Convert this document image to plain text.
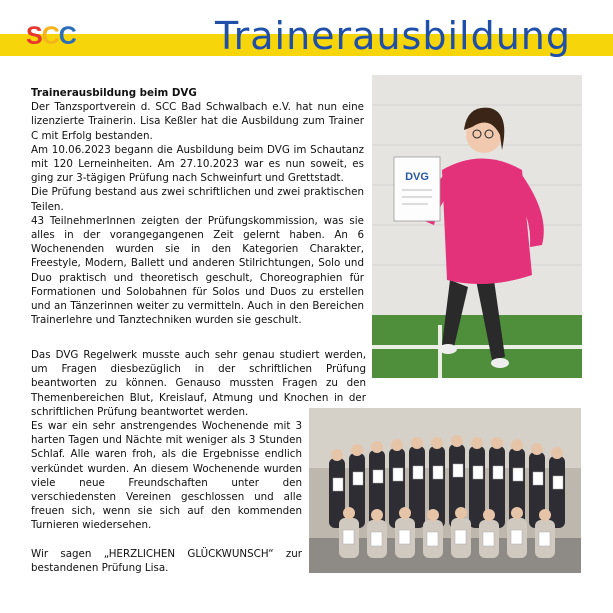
SCC	Trainerausbildung

Trainerausbildung beim DVG

Der Tanzsportverein d. SCC Bad Schwalbach e.V. hat nun eine lizenzierte Trainerin. Lisa Keßler hat die Ausbildung zum Trainer C mit Erfolg bestanden.

Am 10.06.2023 begann die Ausbildung beim DVG im Schautanz mit 120 Lerneinheiten. Am 27.10.2023 war es nun soweit, es ging zur 3-tägigen Prüfung nach Schweinfurt und Grettstadt.

Die Prüfung bestand aus zwei schriftlichen und zwei praktischen Teilen.

43 TeilnehmerInnen zeigten der Prüfungskommission, was sie alles in der vorangegangenen Zeit gelernt haben. An 6 Wochenenden wurden sie in den Kategorien Charakter, Freestyle, Modern, Ballett und anderen Stilrichtungen, Solo und Duo praktisch und theoretisch geschult, Choreographien für Formationen und Solobahnen für Solos und Duos zu erstellen und an Tänzerinnen weiter zu vermitteln. Auch in den Bereichen Trainerlehre und Tanztechniken wurden sie geschult.

Das DVG Regelwerk musste auch sehr genau studiert werden, um Fragen diesbezüglich in der schriftlichen Prüfung beantworten zu können. Genauso mussten Fragen zu den Themenbereichen Blut, Kreislauf, Atmung und Knochen in der schriftlichen Prüfung beantwortet werden.

Es war ein sehr anstrengendes Wochenende mit 3 harten Tagen und Nächte mit weniger als 3 Stunden Schlaf. Alle waren froh, als die Ergebnisse endlich verkündet wurden. An diesem Wochenende wurden viele neue Freundschaften unter den verschiedensten Vereinen geschlossen und alle freuen sich, wenn sie sich auf den kommenden Turnieren wiedersehen.

Wir sagen „HERZLICHEN GLÜCKWUNSCH“ zur bestandenen Prüfung Lisa.

DVG
